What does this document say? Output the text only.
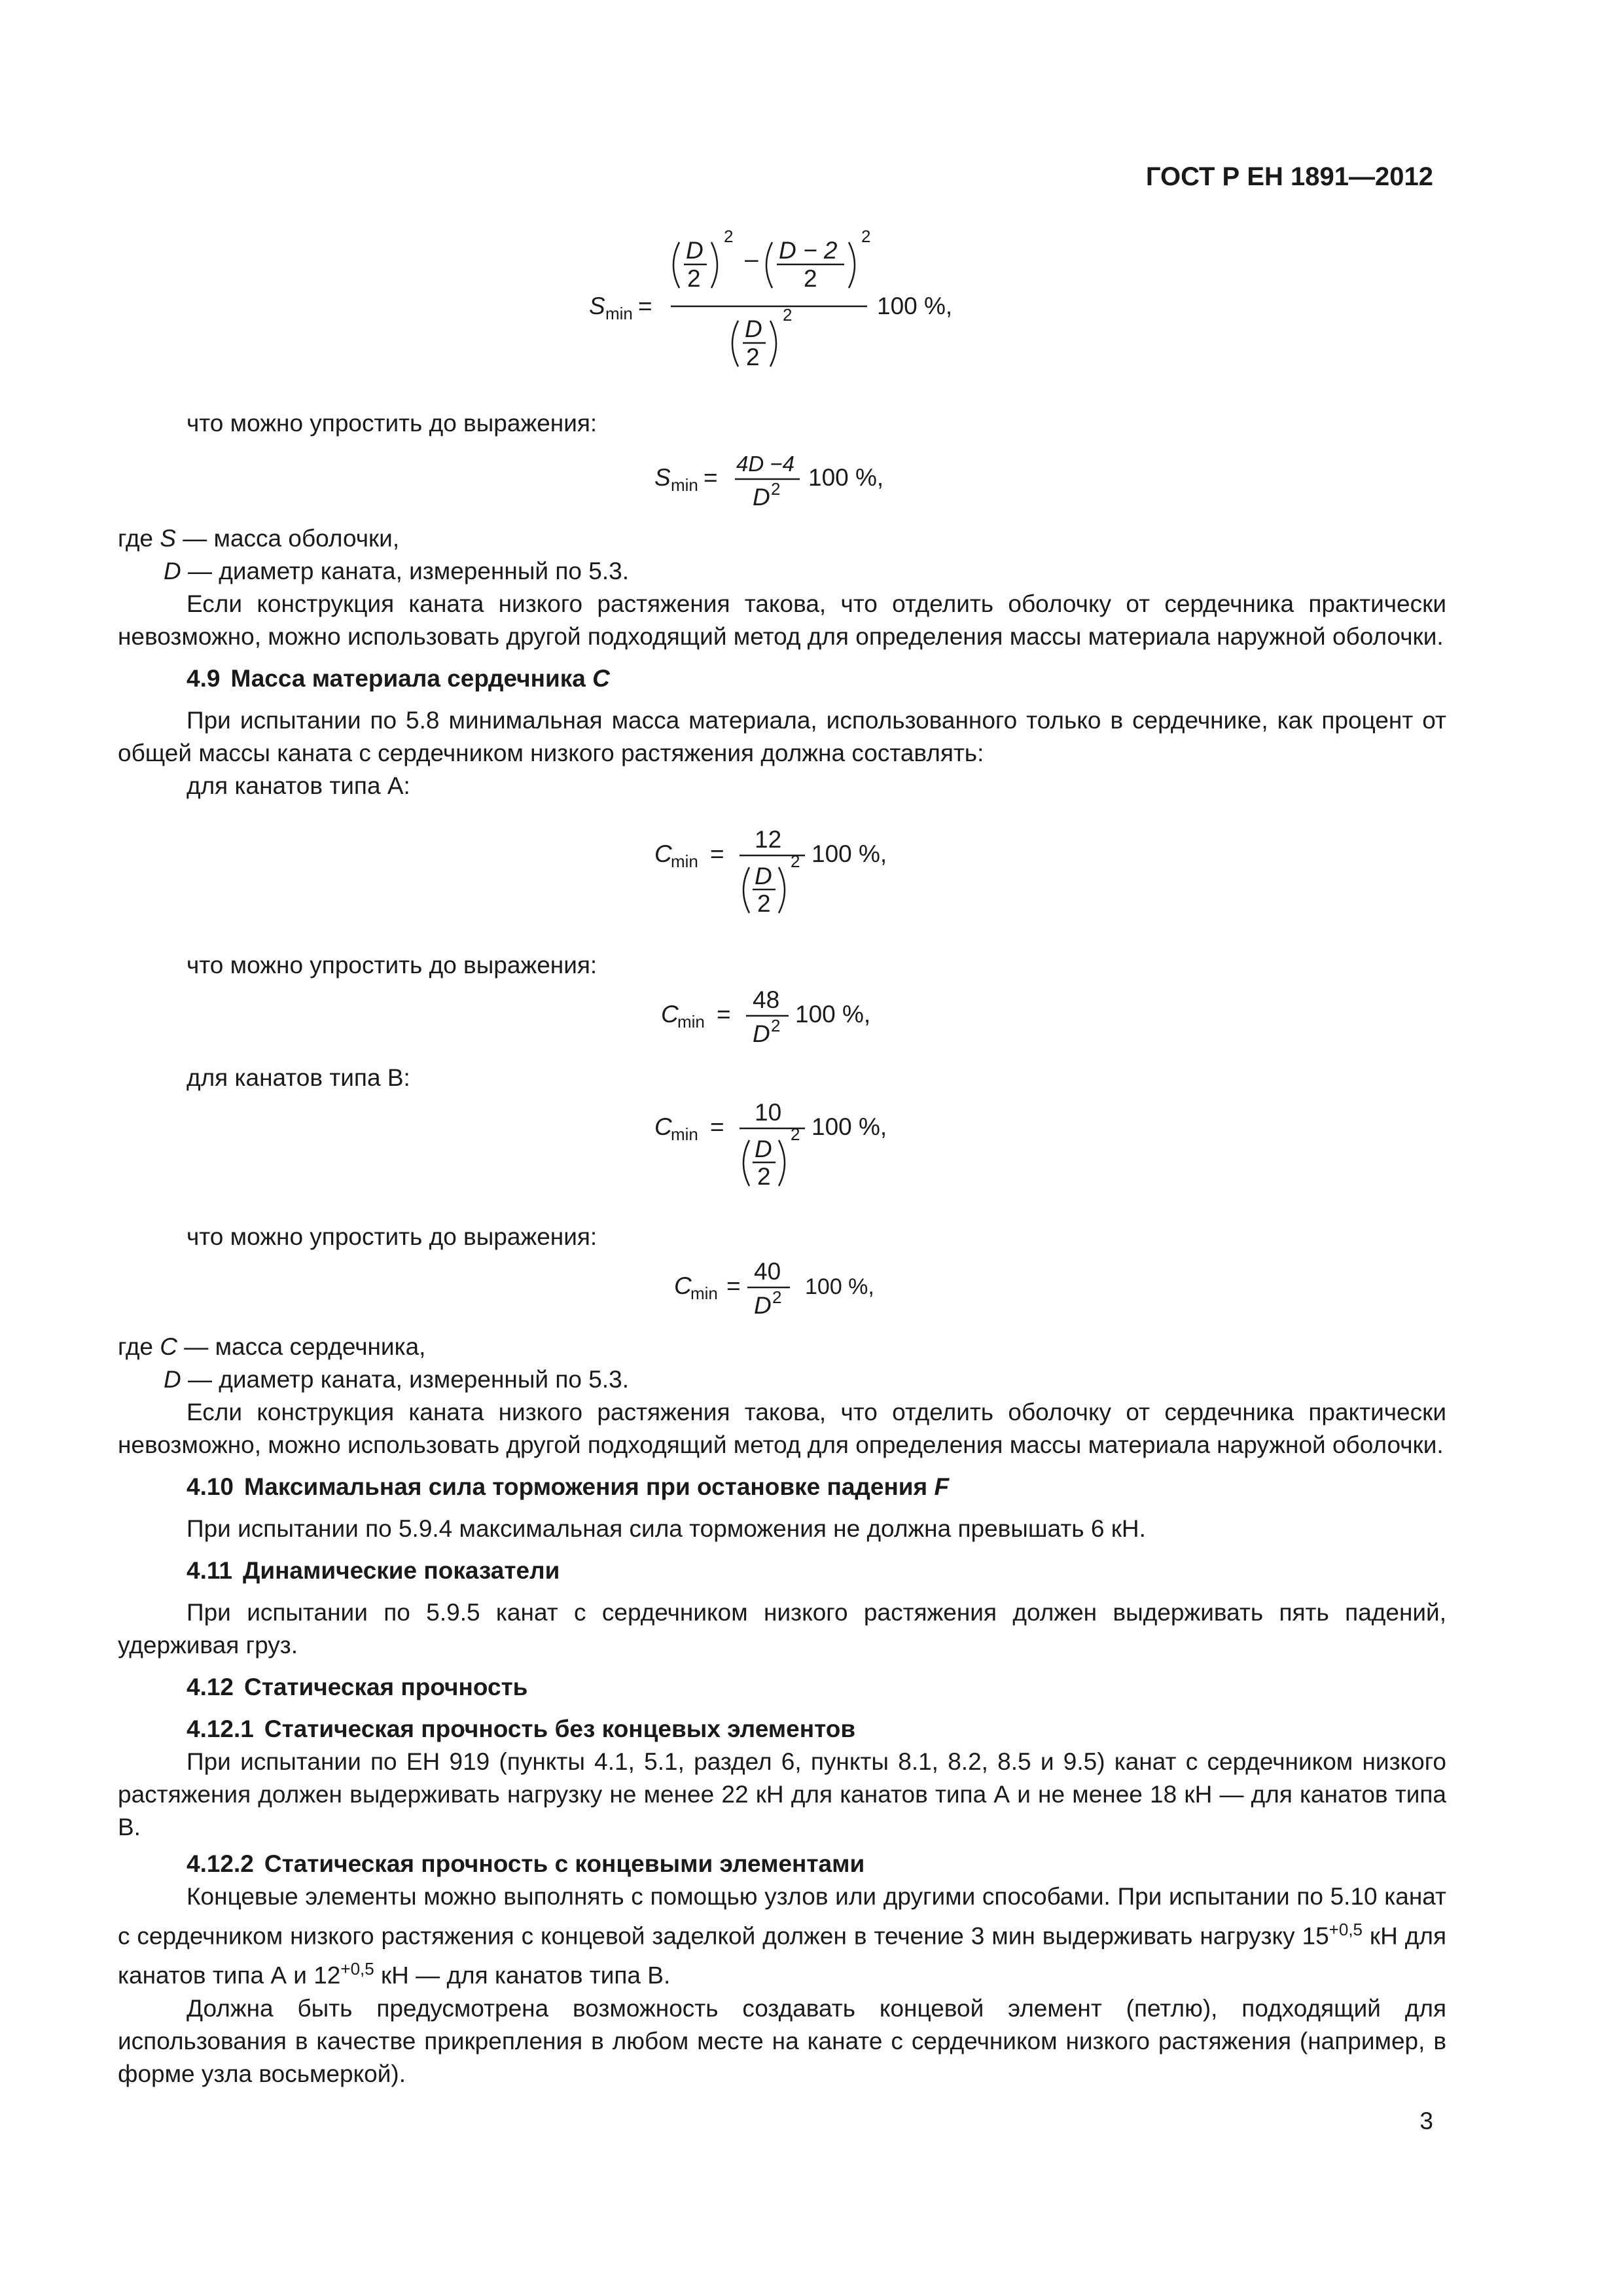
ГОСТ Р ЕН 1891—2012
S min =
D
2
2
– D − 2
2
2
D
2
2	100 %,

что можно упростить до выражения:

S min =
4D −4
D 2 100 %,

где S — масса оболочки,

D — диаметр каната, измеренный по 5.3.

Если конструкция каната низкого растяжения такова, что отделить оболочку от сердечника практически невозможно, можно использовать другой подходящий метод для определения массы материала наружной оболочки.

4.9 Масса материала сердечника C

При испытании по 5.8 минимальная масса материала, использованного только в сердечнике, как процент от общей массы каната с сердечником низкого растяжения должна составлять:

для канатов типа А:

C
min =
12
D
2
2 100 %,

что можно упростить до выражения:

C
min =
48
D 2 100 %,

для канатов типа В:

C
min =
10
D
2
2 100 %,

что можно упростить до выражения:

C
min =
40
D 2 100 %,

где C — масса сердечника,

D — диаметр каната, измеренный по 5.3.

Если конструкция каната низкого растяжения такова, что отделить оболочку от сердечника практически невозможно, можно использовать другой подходящий метод для определения массы материала наружной оболочки.

4.10 Максимальная сила торможения при остановке падения F

При испытании по 5.9.4 максимальная сила торможения не должна превышать 6 кН.

4.11 Динамические показатели

При испытании по 5.9.5 канат с сердечником низкого растяжения должен выдерживать пять падений, удерживая груз.

4.12 Статическая прочность

4.12.1 Статическая прочность без концевых элементов

При испытании по ЕН 919 (пункты 4.1, 5.1, раздел 6, пункты 8.1, 8.2, 8.5 и 9.5) канат с сердечником низкого растяжения должен выдерживать нагрузку не менее 22 кН для канатов типа А и не менее 18 кН — для канатов типа В.

4.12.2 Статическая прочность с концевыми элементами

Концевые элементы можно выполнять с помощью узлов или другими способами. При испытании по 5.10 канат с сердечником низкого растяжения с концевой заделкой должен в течение 3 мин выдерживать нагрузку $15^{+0,5}$ кН для канатов типа А и $12^{+0,5}$ кН — для канатов типа В.

Должна быть предусмотрена возможность создавать концевой элемент (петлю), подходящий для использования в качестве прикрепления в любом месте на канате с сердечником низкого растяжения (например, в форме узла восьмеркой).

3
